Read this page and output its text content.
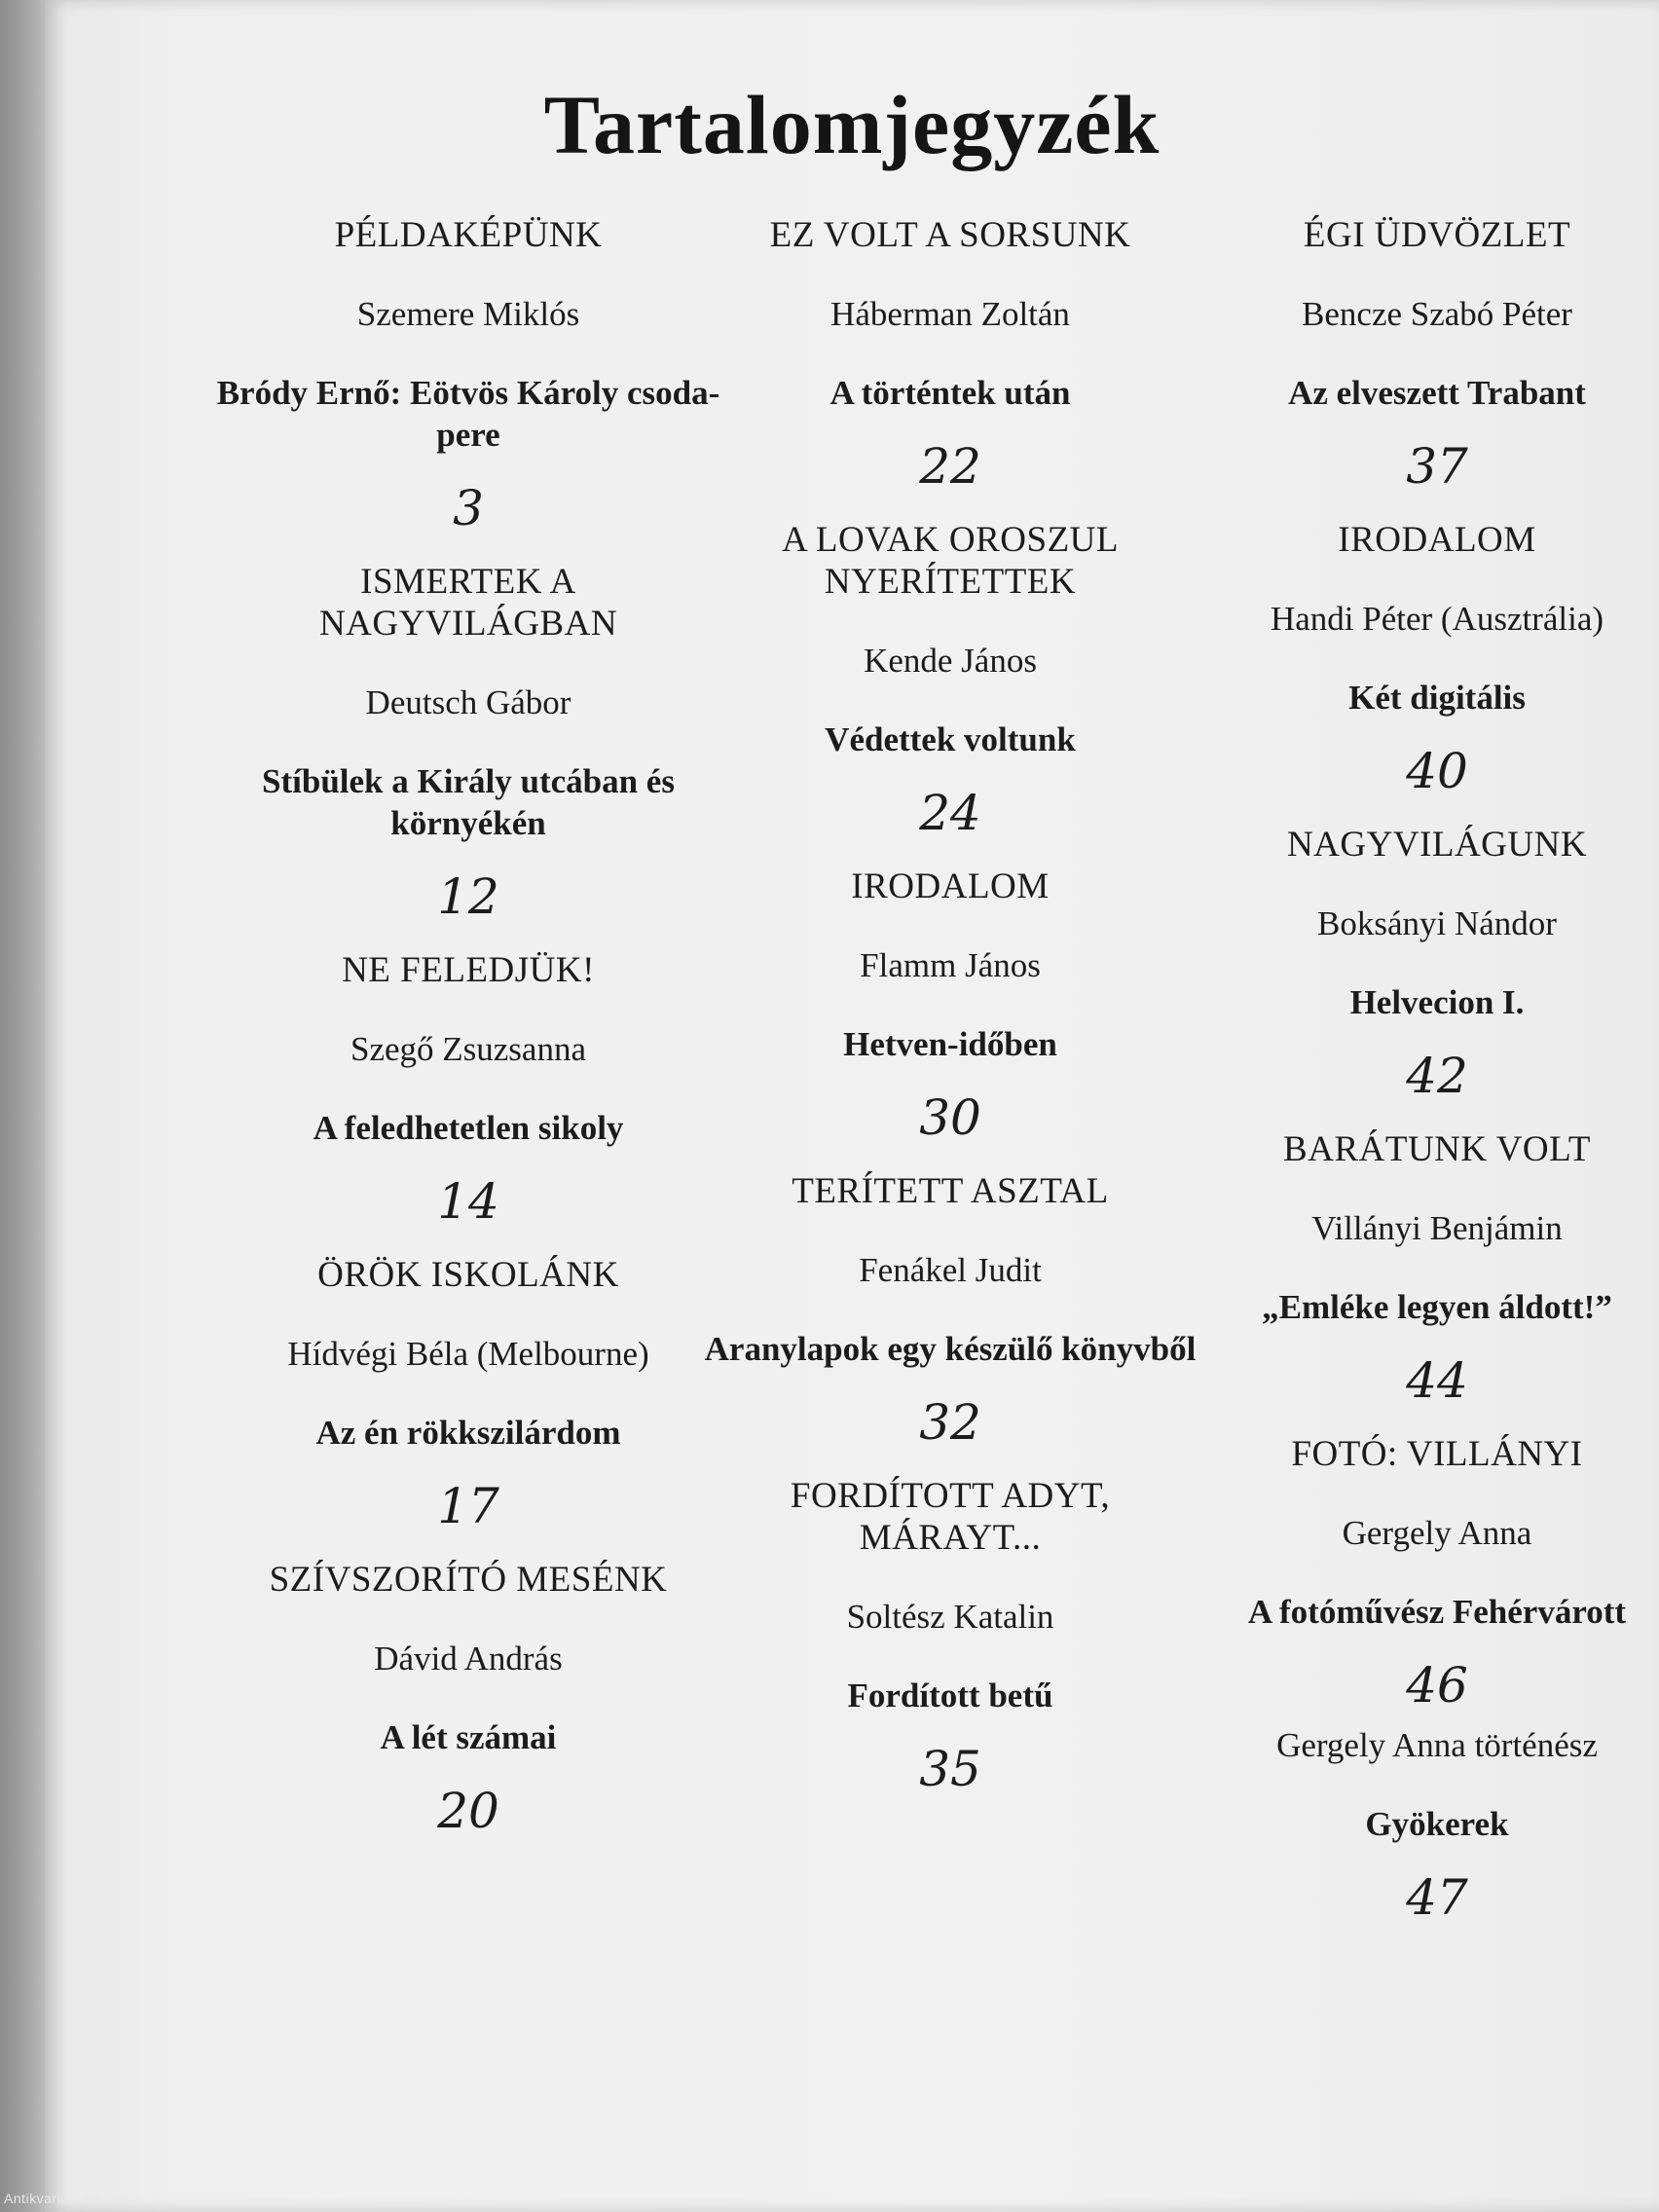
Tartalomjegyzék
PÉLDAKÉPÜNK
Szemere Miklós
Bródy Ernő: Eötvös Károly csoda-pere
3
ISMERTEK A NAGYVILÁGBAN
Deutsch Gábor
Stíbülek a Király utcában és környékén
12
NE FELEDJÜK!
Szegő Zsuzsanna
A feledhetetlen sikoly
14
ÖRÖK ISKOLÁNK
Hídvégi Béla (Melbourne)
Az én rökkszilárdom
17
SZÍVSZORÍTÓ MESÉNK
Dávid András
A lét számai
20
EZ VOLT A SORSUNK
Háberman Zoltán
A történtek után
22
A LOVAK OROSZUL NYERÍTETTEK
Kende János
Védettek voltunk
24
IRODALOM
Flamm János
Hetven-időben
30
TERÍTETT ASZTAL
Fenákel Judit
Aranylapok egy készülő könyvből
32
FORDÍTOTT ADYT, MÁRAYT...
Soltész Katalin
Fordított betű
35
ÉGI ÜDVÖZLET
Bencze Szabó Péter
Az elveszett Trabant
37
IRODALOM
Handi Péter (Ausztrália)
Két digitális
40
NAGYVILÁGUNK
Boksányi Nándor
Helvecion I.
42
BARÁTUNK VOLT
Villányi Benjámin
„Emléke legyen áldott!”
44
FOTÓ: VILLÁNYI
Gergely Anna
A fotóművész Fehérvárott
46
Gergely Anna történész
Gyökerek
47
Antikvarium.hu
